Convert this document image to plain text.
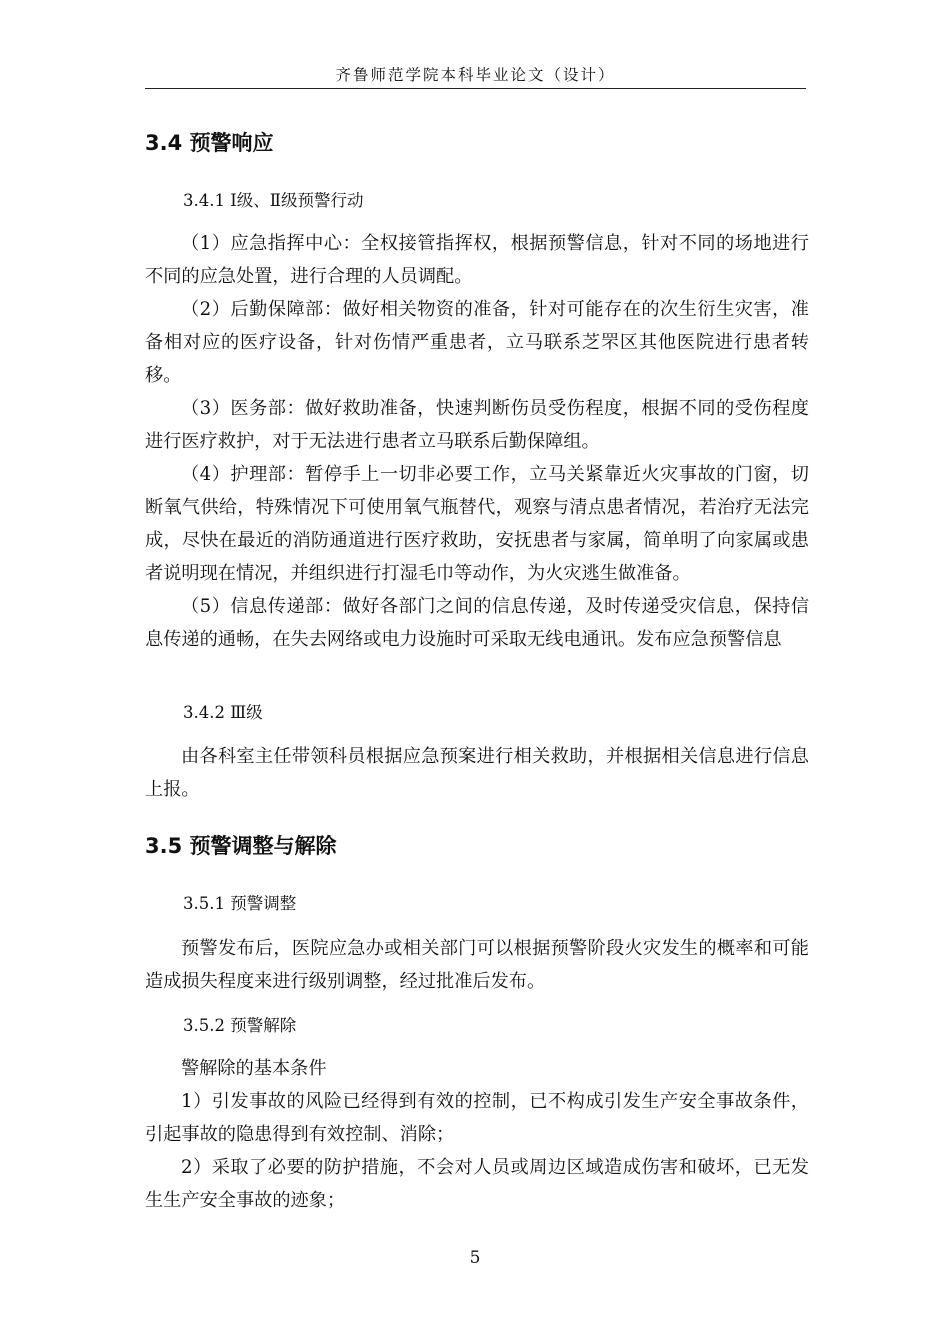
齐鲁师范学院本科毕业论文（设计）
3.4 预警响应
3.4.1 Ⅰ级、Ⅱ级预警行动

（1）应急指挥中心：全权接管指挥权，根据预警信息，针对不同的场地进行不同的应急处置，进行合理的人员调配。

（2）后勤保障部：做好相关物资的准备，针对可能存在的次生衍生灾害，准备相对应的医疗设备，针对伤情严重患者，立马联系芝罘区其他医院进行患者转移。

（3）医务部：做好救助准备，快速判断伤员受伤程度，根据不同的受伤程度进行医疗救护，对于无法进行患者立马联系后勤保障组。

（4）护理部：暂停手上一切非必要工作，立马关紧靠近火灾事故的门窗，切断氧气供给，特殊情况下可使用氧气瓶替代，观察与清点患者情况，若治疗无法完成，尽快在最近的消防通道进行医疗救助，安抚患者与家属，简单明了向家属或患者说明现在情况，并组织进行打湿毛巾等动作，为火灾逃生做准备。

（5）信息传递部：做好各部门之间的信息传递，及时传递受灾信息，保持信息传递的通畅，在失去网络或电力设施时可采取无线电通讯。发布应急预警信息

3.4.2 Ⅲ级

由各科室主任带领科员根据应急预案进行相关救助，并根据相关信息进行信息上报。

3.5 预警调整与解除
3.5.1 预警调整

预警发布后，医院应急办或相关部门可以根据预警阶段火灾发生的概率和可能造成损失程度来进行级别调整，经过批准后发布。

3.5.2 预警解除

警解除的基本条件

1）引发事故的风险已经得到有效的控制，已不构成引发生产安全事故条件，引起事故的隐患得到有效控制、消除；

2）采取了必要的防护措施，不会对人员或周边区域造成伤害和破坏，已无发生生产安全事故的迹象；

5
